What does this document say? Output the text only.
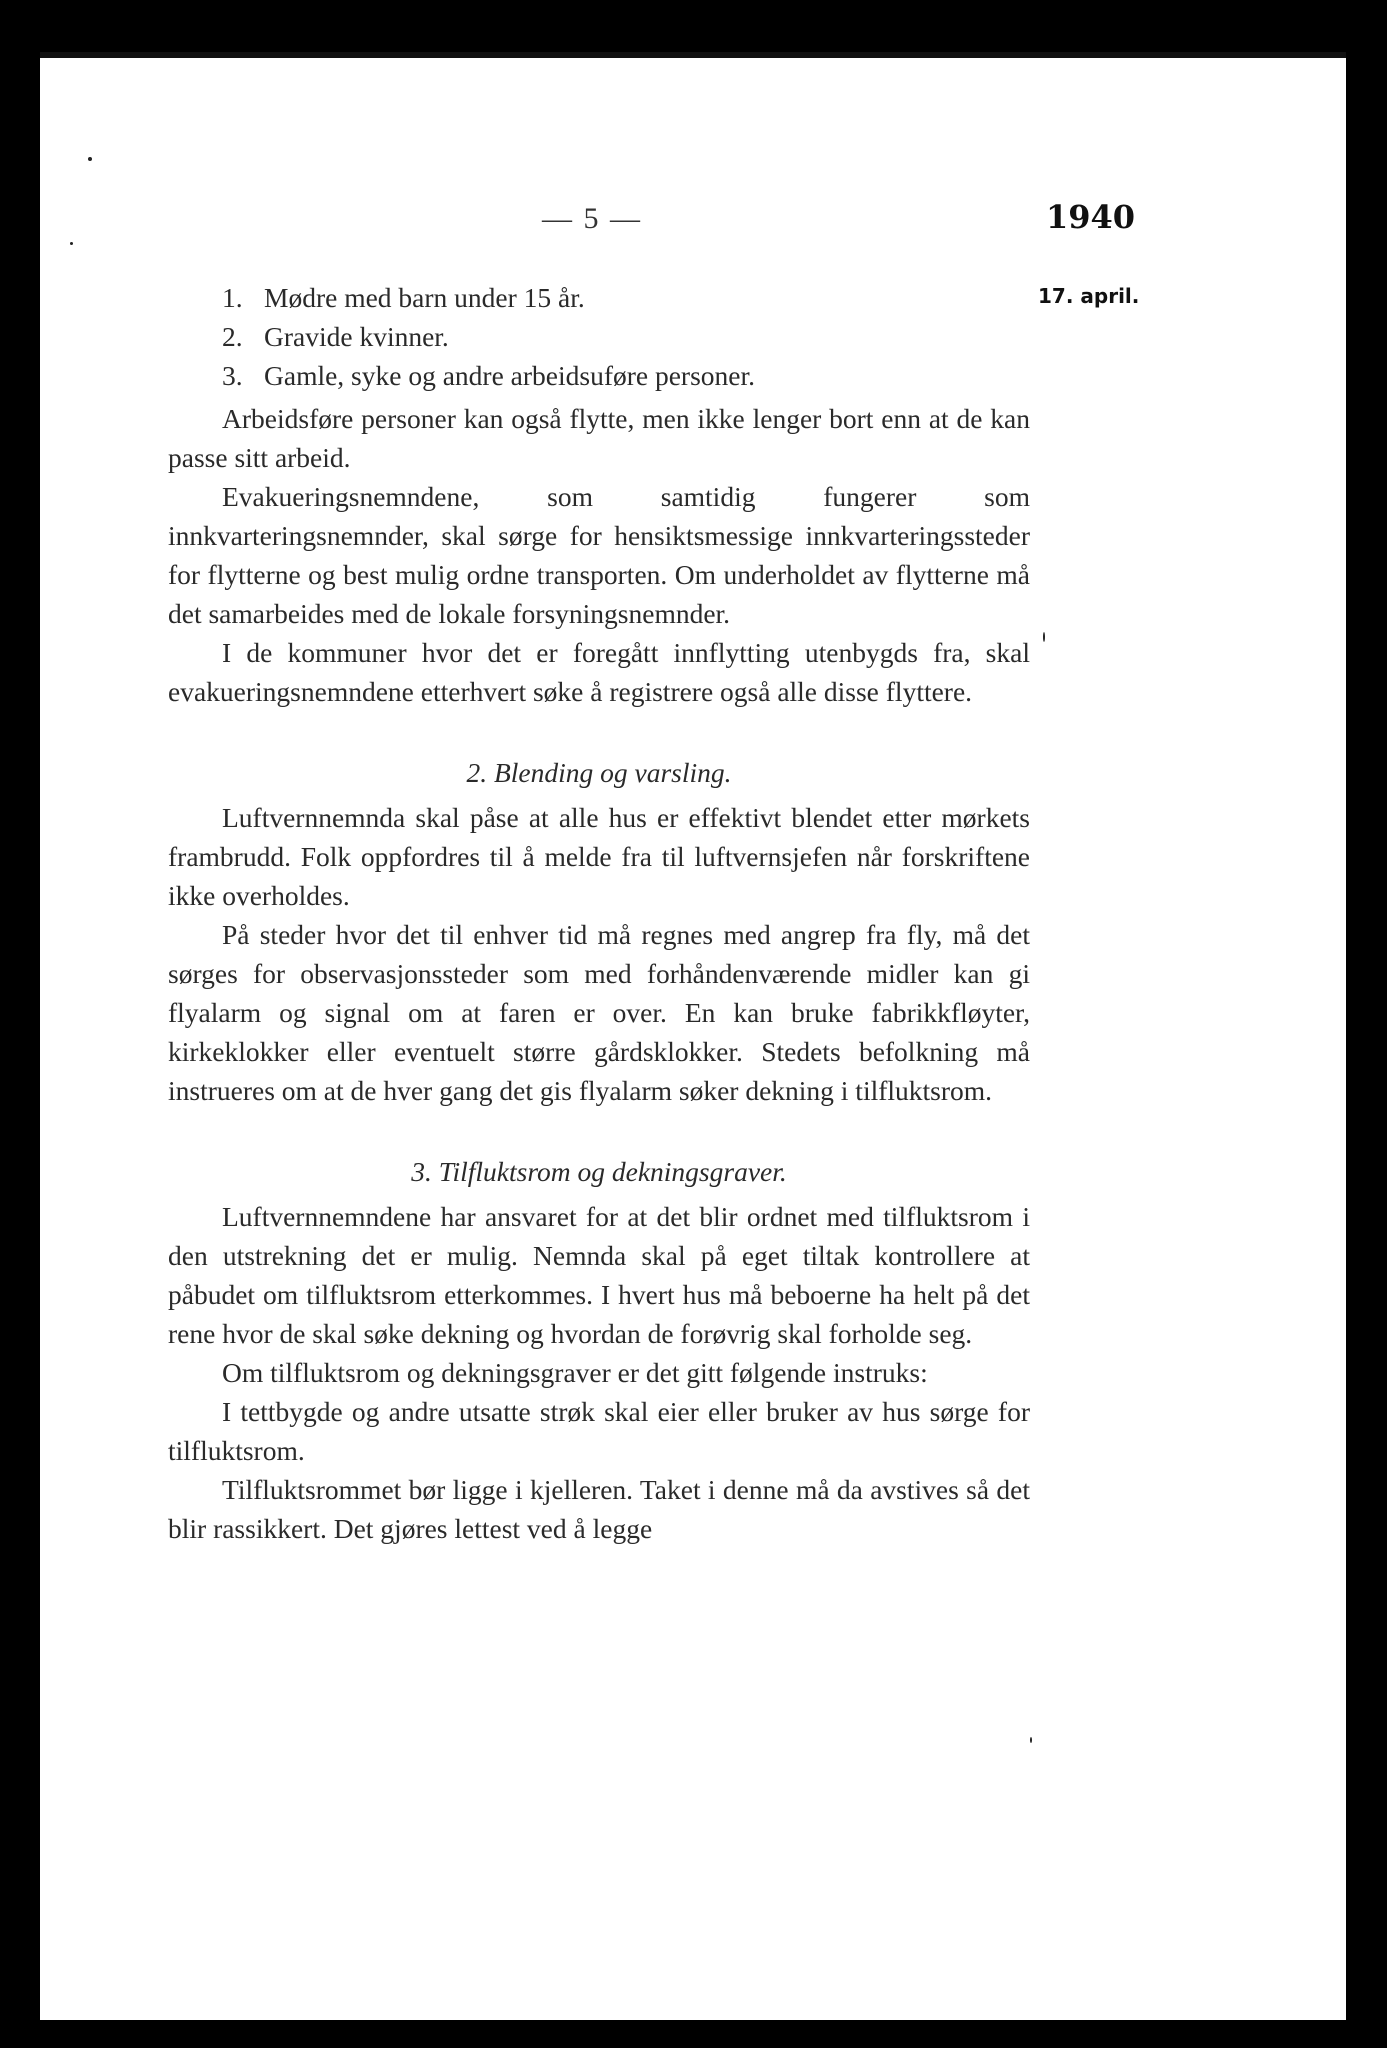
— 5 —	1940
17. april.
1. Mødre med barn under 15 år.
2. Gravide kvinner.
3. Gamle, syke og andre arbeidsuføre personer.

Arbeidsføre personer kan også flytte, men ikke lenger bort enn at de kan passe sitt arbeid.

Evakueringsnemndene, som samtidig fungerer som innkvarteringsnemnder, skal sørge for hensiktsmessige innkvarteringssteder for flytterne og best mulig ordne transporten. Om underholdet av flytterne må det samarbeides med de lokale forsyningsnemnder.

I de kommuner hvor det er foregått innflytting utenbygds fra, skal evakueringsnemndene etterhvert søke å registrere også alle disse flyttere.

2. Blending og varsling.

Luftvernnemnda skal påse at alle hus er effektivt blendet etter mørkets frambrudd. Folk oppfordres til å melde fra til luftvernsjefen når forskriftene ikke overholdes.

På steder hvor det til enhver tid må regnes med angrep fra fly, må det sørges for observasjonssteder som med forhåndenværende midler kan gi flyalarm og signal om at faren er over. En kan bruke fabrikkfløyter, kirkeklokker eller eventuelt større gårdsklokker. Stedets befolkning må instrueres om at de hver gang det gis flyalarm søker dekning i tilfluktsrom.

3. Tilfluktsrom og dekningsgraver.

Luftvernnemndene har ansvaret for at det blir ordnet med tilfluktsrom i den utstrekning det er mulig. Nemnda skal på eget tiltak kontrollere at påbudet om tilfluktsrom etterkommes. I hvert hus må beboerne ha helt på det rene hvor de skal søke dekning og hvordan de forøvrig skal forholde seg.

Om tilfluktsrom og dekningsgraver er det gitt følgende instruks:

I tettbygde og andre utsatte strøk skal eier eller bruker av hus sørge for tilfluktsrom.

Tilfluktsrommet bør ligge i kjelleren. Taket i denne må da avstives så det blir rassikkert. Det gjøres lettest ved å legge
